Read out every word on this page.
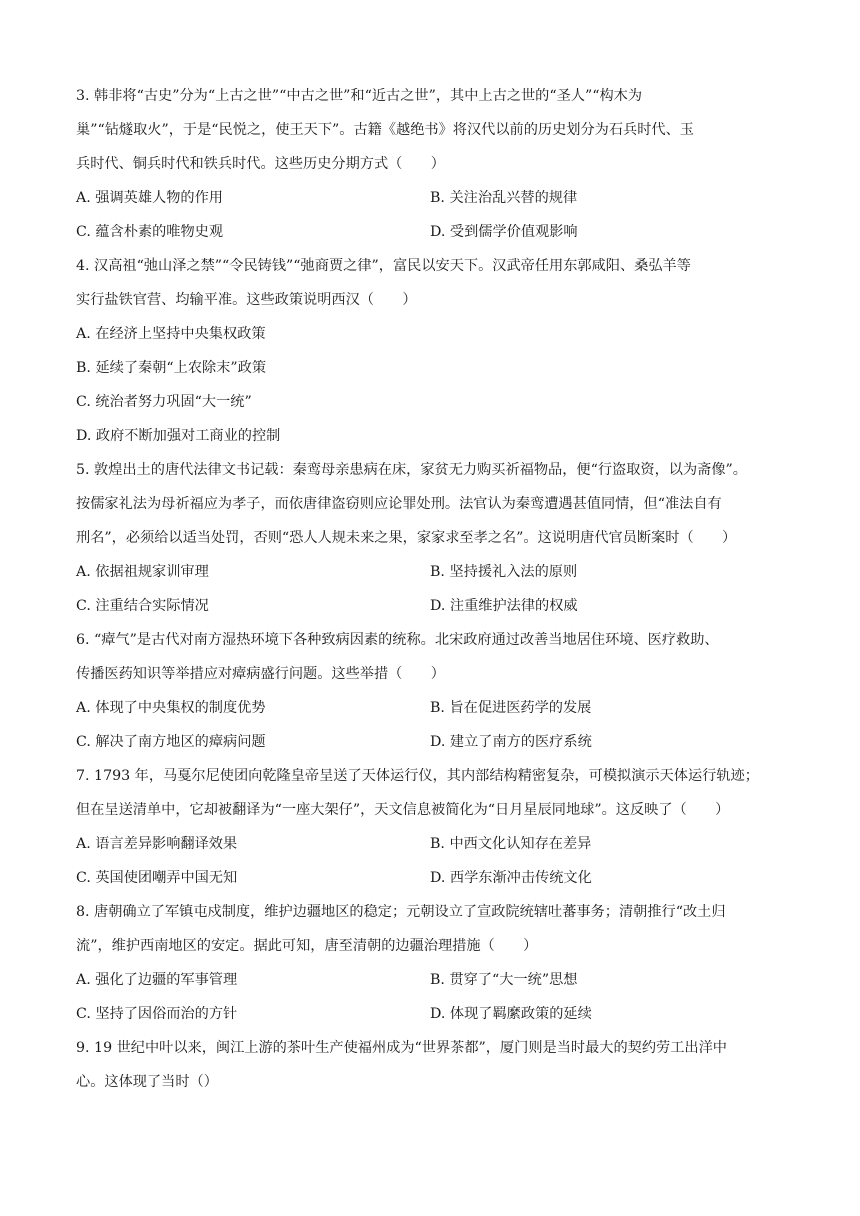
3. 韩非将“古史”分为“上古之世”“中古之世”和“近古之世”，其中上古之世的“圣人”“构木为
巢”“钻燧取火”，于是“民悦之，使王天下”。古籍《越绝书》将汉代以前的历史划分为石兵时代、玉
兵时代、铜兵时代和铁兵时代。这些历史分期方式（　　）
A. 强调英雄人物的作用	B. 关注治乱兴替的规律
C. 蕴含朴素的唯物史观	D. 受到儒学价值观影响
4. 汉高祖“弛山泽之禁”“令民铸钱”“弛商贾之律”，富民以安天下。汉武帝任用东郭咸阳、桑弘羊等
实行盐铁官营、均输平准。这些政策说明西汉（　　）
A. 在经济上坚持中央集权政策
B. 延续了秦朝“上农除末”政策
C. 统治者努力巩固“大一统”
D. 政府不断加强对工商业的控制
5. 敦煌出土的唐代法律文书记载：秦鸾母亲患病在床，家贫无力购买祈福物品，便“行盗取资，以为斋像”。
按儒家礼法为母祈福应为孝子，而依唐律盗窃则应论罪处刑。法官认为秦鸾遭遇甚值同情，但“准法自有
刑名”，必须给以适当处罚，否则“恐人人规未来之果，家家求至孝之名”。这说明唐代官员断案时（　　）
A. 依据祖规家训审理	B. 坚持援礼入法的原则
C. 注重结合实际情况	D. 注重维护法律的权威
6. “瘴气”是古代对南方湿热环境下各种致病因素的统称。北宋政府通过改善当地居住环境、医疗救助、
传播医药知识等举措应对瘴病盛行问题。这些举措（　　）
A. 体现了中央集权的制度优势	B. 旨在促进医药学的发展
C. 解决了南方地区的瘴病问题	D. 建立了南方的医疗系统
7. 1793 年，马戛尔尼使团向乾隆皇帝呈送了天体运行仪，其内部结构精密复杂，可模拟演示天体运行轨迹；
但在呈送清单中，它却被翻译为“一座大架仔”，天文信息被简化为“日月星辰同地球”。这反映了（　　）
A. 语言差异影响翻译效果	B. 中西文化认知存在差异
C. 英国使团嘲弄中国无知	D. 西学东渐冲击传统文化
8. 唐朝确立了军镇屯戍制度，维护边疆地区的稳定；元朝设立了宣政院统辖吐蕃事务；清朝推行“改土归
流”，维护西南地区的安定。据此可知，唐至清朝的边疆治理措施（　　）
A. 强化了边疆的军事管理	B. 贯穿了“大一统”思想
C. 坚持了因俗而治的方针	D. 体现了羁縻政策的延续
9. 19 世纪中叶以来，闽江上游的茶叶生产使福州成为“世界茶都”，厦门则是当时最大的契约劳工出洋中
心。这体现了当时（）
